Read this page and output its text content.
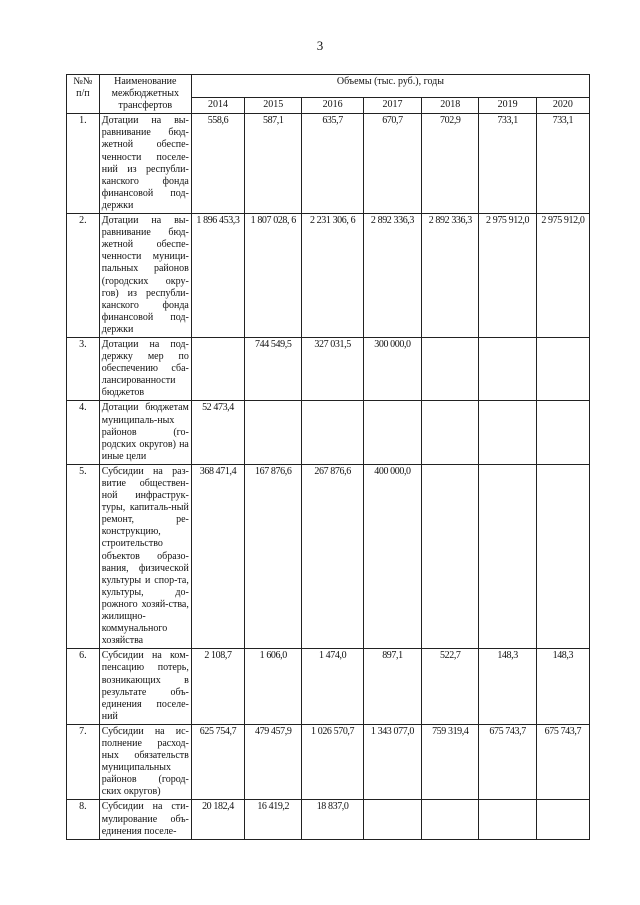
3
№№ п/п	Наименование межбюджетных трансфертов	Объемы (тыс. руб.), годы						
		2014	2015	2016	2017	2018	2019	2020
1.	Дотации на вы-​равнивание бюд-​жетной обеспе-​ченности поселе-​ний из республи-​канского фонда финансовой под-​держки	558,6	587,1	635,7	670,7	702,9	733,1	733,1
2.	Дотации на вы-​равнивание бюд-​жетной обеспе-​ченности муници-​пальных районов (городских окру-​гов) из республи-​канского фонда финансовой под-​держки	1 896 453,3	1 807 028, 6	2 231 306, 6	2 892 336,3	2 892 336,3	2 975 912,0	2 975 912,0
3.	Дотации на под-​держку мер по обеспечению сба-​лансированности бюджетов		744 549,5	327 031,5	300 000,0			
4.	Дотации бюджетам муниципаль-​ных районов (го-​родских округов) на иные цели	52 473,4						
5.	Субсидии на раз-​витие обществен-​ной инфраструк-​туры, капиталь-​ный ремонт, ре-​конструкцию, строительство объектов образо-​вания, физической культуры и спор-​та, культуры, до-​рожного хозяй-​ства, жилищно-​коммунального хозяйства	368 471,4	167 876,6	267 876,6	400 000,0			
6.	Субсидии на ком-​пенсацию потерь, возникающих в результате объ-​единения поселе-​ний	2 108,7	1 606,0	1 474,0	897,1	522,7	148,3	148,3
7.	Субсидии на ис-​полнение расход-​ных обязательств муниципальных районов (город-​ских округов)	625 754,7	479 457,9	1 026 570,7	1 343 077,0	759 319,4	675 743,7	675 743,7
8.	Субсидии на сти-​мулирование объ-​единения поселе-​	20 182,4	16 419,2	18 837,0				
